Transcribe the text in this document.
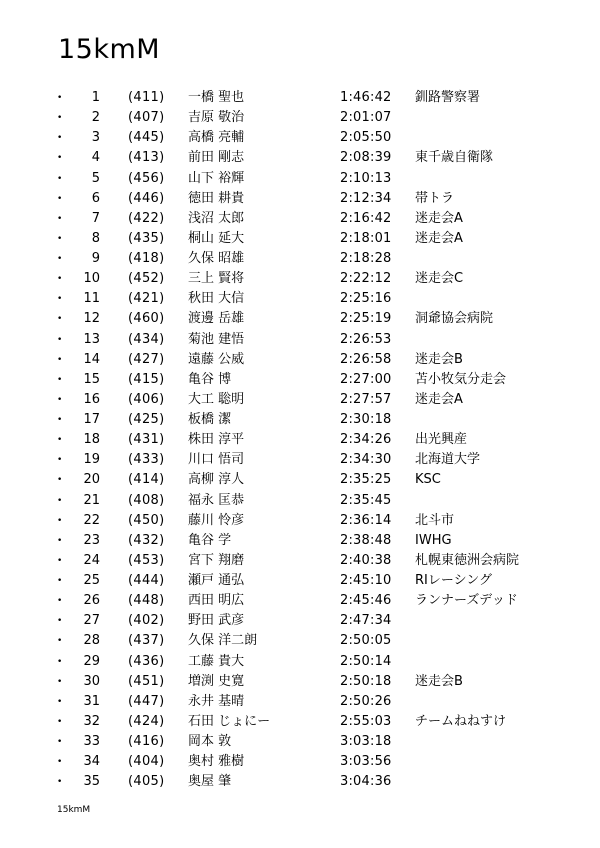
15kmM
•	1 (411) 一橋 聖也	1:46:42 釧路警察署
•	2 (407) 吉原 敬治	2:01:07
•	3 (445) 高橋 亮輔	2:05:50
•	4 (413) 前田 剛志	2:08:39 東千歳自衛隊
•	5 (456) 山下 裕輝	2:10:13
•	6 (446) 徳田 耕貴	2:12:34 帯トラ
•	7 (422) 浅沼 太郎	2:16:42 迷走会A
•	8 (435) 桐山 延大	2:18:01 迷走会A
•	9 (418) 久保 昭雄	2:18:28
•	10 (452) 三上 賢将	2:22:12 迷走会C
•	11 (421) 秋田 大信	2:25:16
•	12 (460) 渡邊 岳雄	2:25:19 洞爺協会病院
•	13 (434) 菊池 建悟	2:26:53
•	14 (427) 遠藤 公威	2:26:58 迷走会B
•	15 (415) 亀谷 博	2:27:00 苫小牧気分走会
•	16 (406) 大工 聡明	2:27:57 迷走会A
•	17 (425) 板橋 潔	2:30:18
•	18 (431) 株田 淳平	2:34:26 出光興産
•	19 (433) 川口 悟司	2:34:30 北海道大学
•	20 (414) 高柳 淳人	2:35:25 KSC
•	21 (408) 福永 匡恭	2:35:45
•	22 (450) 藤川 怜彦	2:36:14 北斗市
•	23 (432) 亀谷 学	2:38:48 IWHG
•	24 (453) 宮下 翔磨	2:40:38 札幌東徳洲会病院
•	25 (444) 瀬戸 通弘	2:45:10 RIレーシング
•	26 (448) 西田 明広	2:45:46 ランナーズデッド
•	27 (402) 野田 武彦	2:47:34
•	28 (437) 久保 洋二朗	2:50:05
•	29 (436) 工藤 貴大	2:50:14
•	30 (451) 増渕 史寛	2:50:18 迷走会B
•	31 (447) 永井 基晴	2:50:26
•	32 (424) 石田 じょにー	2:55:03 チームねねすけ
•	33 (416) 岡本 敦	3:03:18
•	34 (404) 奥村 雅樹	3:03:56
•	35 (405) 奥屋 肇	3:04:36
15kmM
